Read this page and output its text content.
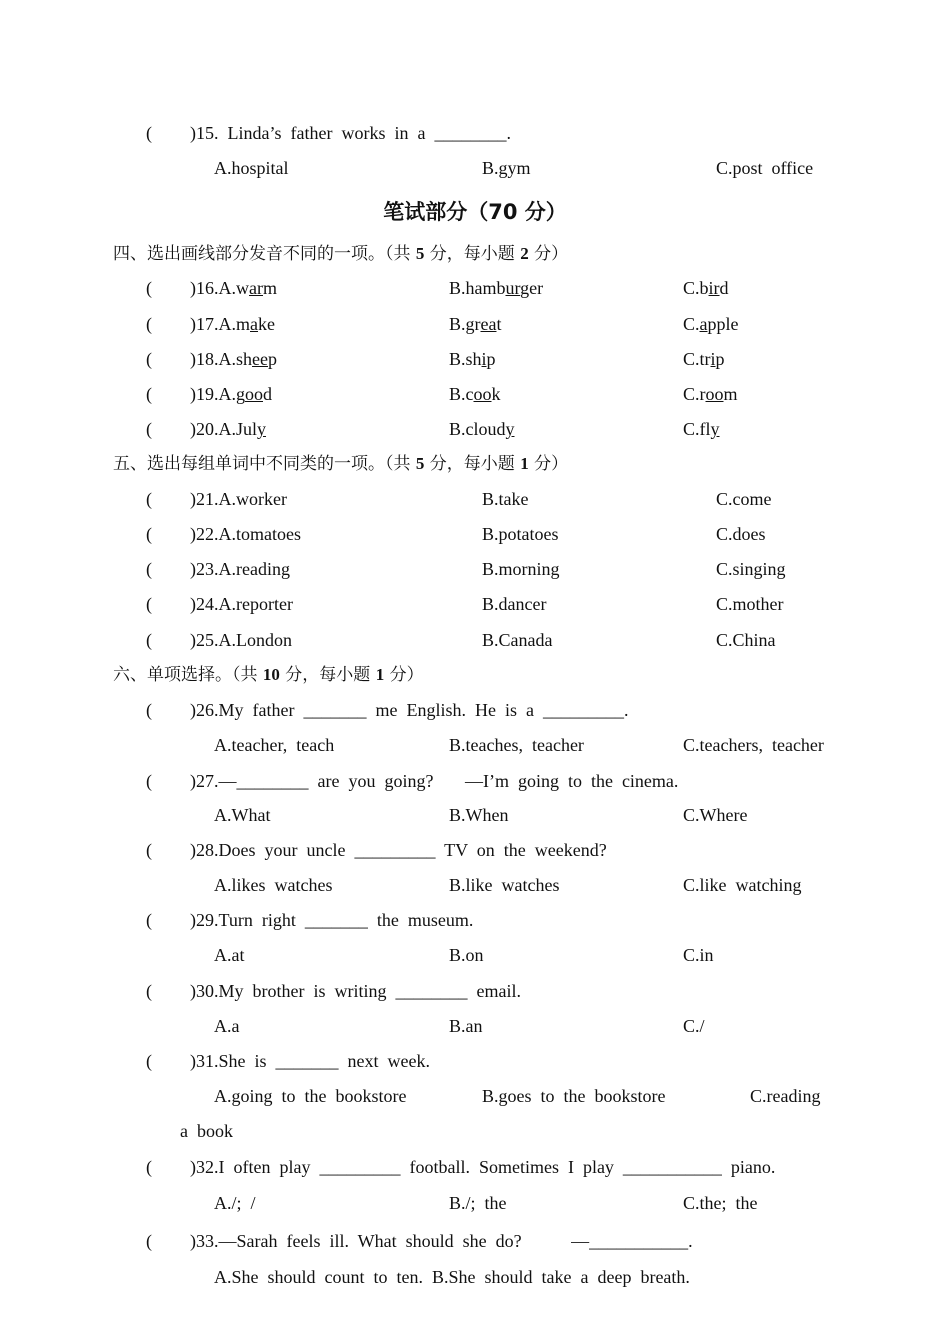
( )15.  Linda’s  father  works  in  a  ________.
A.hospital	B.gym	C.post  office
笔试部分（70 分）
四、选出画线部分发音不同的一项。（共 5 分，每小题 2 分）
( )16.A.warm	B.hamburger	C.bird
( )17.A.make	B.great	C.apple
( )18.A.sheep	B.ship	C.trip
( )19.A.good	B.cook	C.room
( )20.A.July	B.cloudy	C.fly
五、选出每组单词中不同类的一项。（共 5 分，每小题 1 分）
( )21.A.worker	B.take	C.come
( )22.A.tomatoes	B.potatoes	C.does
( )23.A.reading	B.morning	C.singing
( )24.A.reporter	B.dancer	C.mother
( )25.A.London	B.Canada	C.China
六、单项选择。（共 10 分，每小题 1 分）
( )26.My  father  _______  me  English.  He  is  a  _________.
A.teacher,  teach	B.teaches,  teacher	C.teachers,  teacher
( )27.—________  are  you  going?       —I’m  going  to  the  cinema.
A.What	B.When	C.Where
( )28.Does  your  uncle  _________  TV  on  the  weekend?
A.likes  watches	B.like  watches	C.like  watching
( )29.Turn  right  _______  the  museum.
A.at	B.on	C.in
( )30.My  brother  is  writing  ________  email.
A.a	B.an	C./
( )31.She  is  _______  next  week.
A.going  to  the  bookstore	B.goes  to  the  bookstore	C.reading
a  book
( )32.I  often  play  _________  football.  Sometimes  I  play  ___________  piano.
A./;  /	B./;  the	C.the;  the
( )33.—Sarah  feels  ill.  What  should  she  do?           —___________.
A.She  should  count  to  ten.  B.She  should  take  a  deep  breath.
